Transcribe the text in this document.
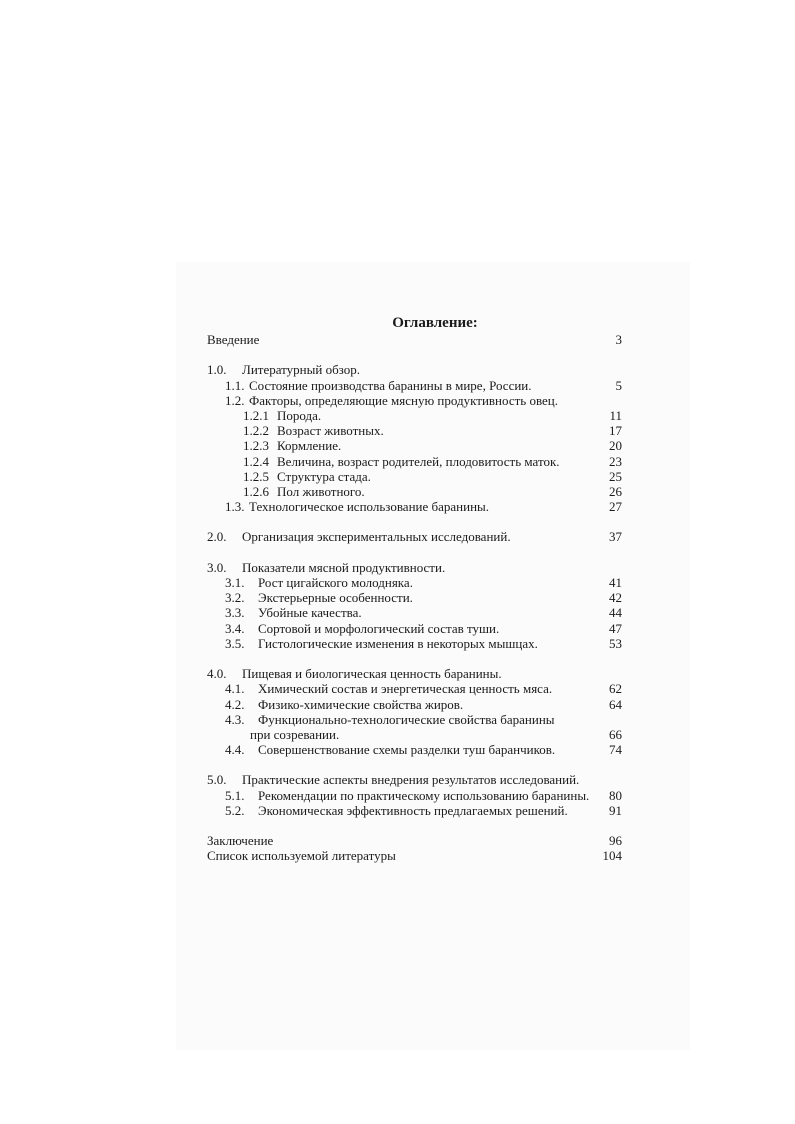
Оглавление:
Введение	3
1.0. Литературный обзор.
1.1. Состояние производства баранины в мире, России.	5
1.2. Факторы, определяющие мясную продуктивность овец.
1.2.1 Порода.	11
1.2.2 Возраст животных.	17
1.2.3 Кормление.	20
1.2.4 Величина, возраст родителей, плодовитость маток.	23
1.2.5 Структура стада.	25
1.2.6 Пол животного.	26
1.3. Технологическое использование баранины.	27
2.0. Организация экспериментальных исследований.	37
3.0. Показатели мясной продуктивности.
3.1. Рост цигайского молодняка.	41
3.2. Экстерьерные особенности.	42
3.3. Убойные качества.	44
3.4. Сортовой и морфологический состав туши.	47
3.5. Гистологические изменения в некоторых мышцах.	53
4.0. Пищевая и биологическая ценность баранины.
4.1. Химический состав и энергетическая ценность мяса.	62
4.2. Физико-химические свойства жиров.	64
4.3. Функционально-технологические свойства баранины
при созревании.	66
4.4. Совершенствование схемы разделки туш баранчиков.	74
5.0. Практические аспекты внедрения результатов исследований.
5.1. Рекомендации по практическому использованию баранины. 80
5.2. Экономическая эффективность предлагаемых решений.	91
Заключение	96
Список используемой литературы	104
